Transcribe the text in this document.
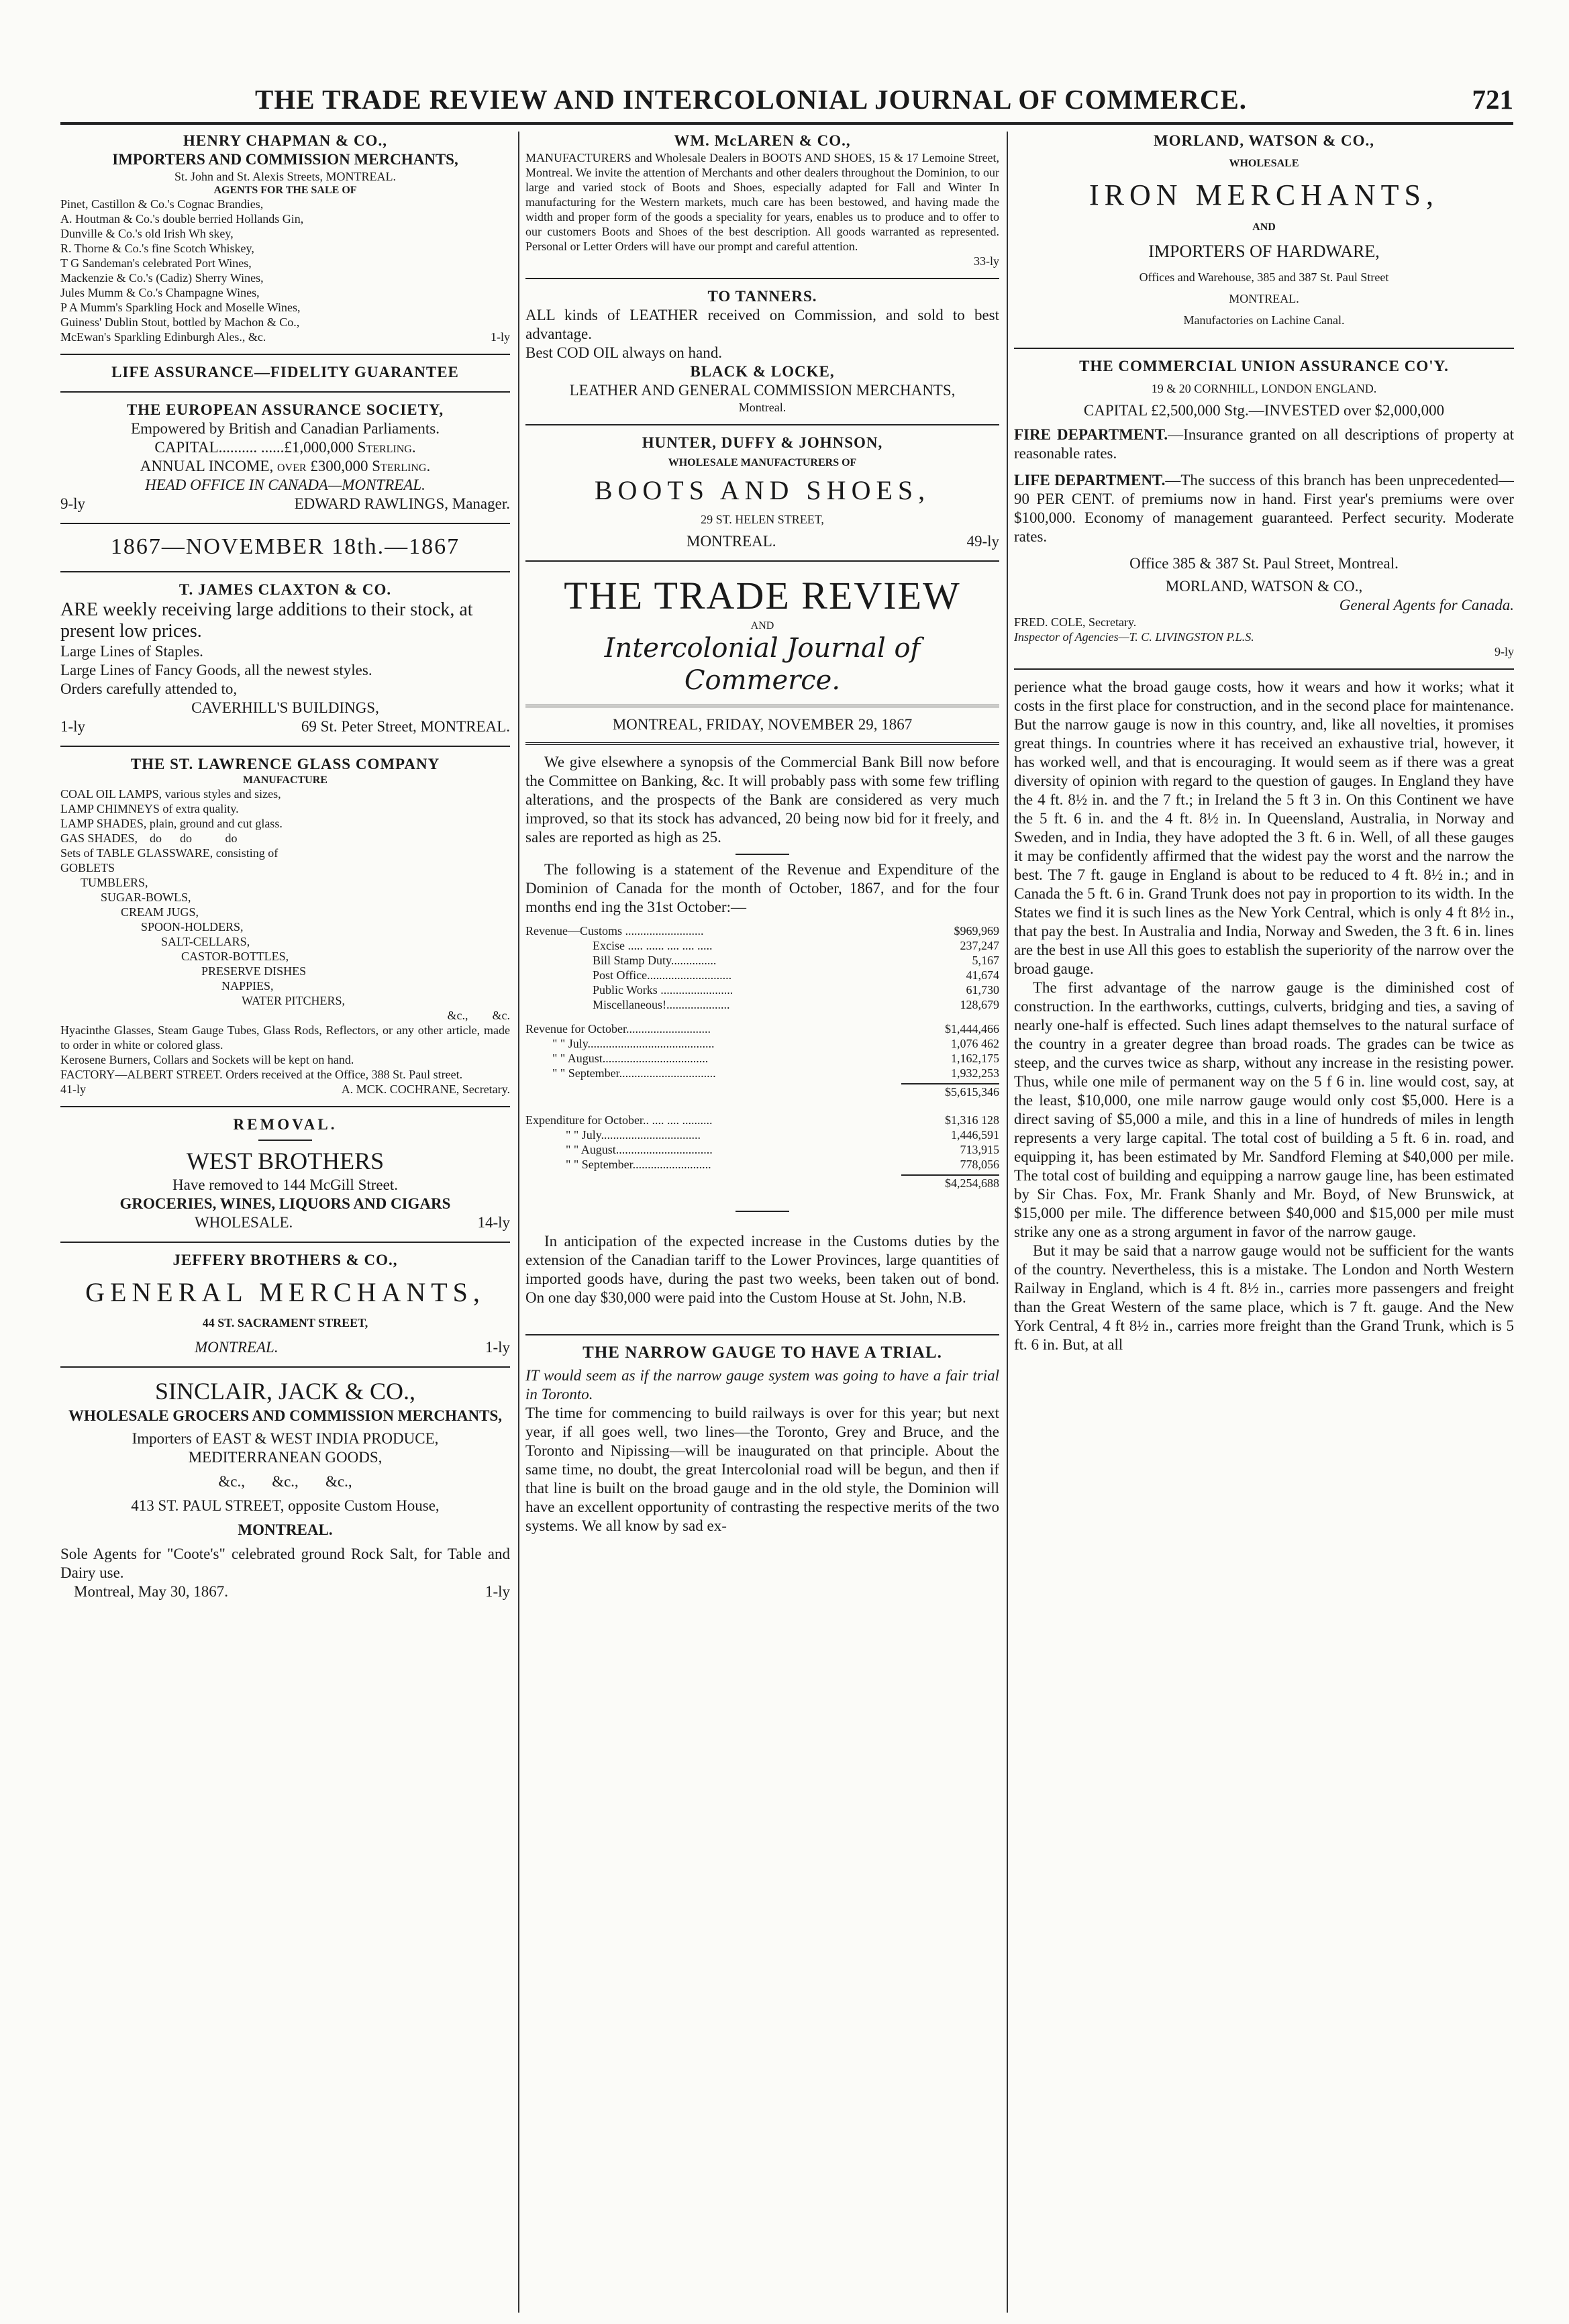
THE TRADE REVIEW AND INTERCOLONIAL JOURNAL OF COMMERCE.	721
HENRY CHAPMAN & CO.,
IMPORTERS AND COMMISSION MERCHANTS,
St. John and St. Alexis Streets, MONTREAL.
AGENTS FOR THE SALE OF
Pinet, Castillon & Co.'s Cognac Brandies,
A. Houtman & Co.'s double berried Hollands Gin,
Dunville & Co.'s old Irish Wh skey,
R. Thorne & Co.'s fine Scotch Whiskey,
T G Sandeman's celebrated Port Wines,
Mackenzie & Co.'s (Cadiz) Sherry Wines,
Jules Mumm & Co.'s Champagne Wines,
P A Mumm's Sparkling Hock and Moselle Wines,
Guiness' Dublin Stout, bottled by Machon & Co.,
McEwan's Sparkling Edinburgh Ales., &c.	1-ly
LIFE ASSURANCE—FIDELITY GUARANTEE
THE EUROPEAN ASSURANCE SOCIETY,
Empowered by British and Canadian Parliaments.
CAPITAL.......... ......£1,000,000 Sterling.
ANNUAL INCOME, over £300,000 Sterling.
HEAD OFFICE IN CANADA—MONTREAL.
9-ly	EDWARD RAWLINGS, Manager.
1867—NOVEMBER 18th.—1867
T. JAMES CLAXTON & CO.
ARE weekly receiving large additions to their stock, at present low prices.
Large Lines of Staples.
Large Lines of Fancy Goods, all the newest styles.
Orders carefully attended to,
CAVERHILL'S BUILDINGS,
1-ly	69 St. Peter Street, MONTREAL.
THE ST. LAWRENCE GLASS COMPANY
MANUFACTURE
COAL OIL LAMPS, various styles and sizes,
LAMP CHIMNEYS of extra quality.
LAMP SHADES, plain, ground and cut glass.
GAS SHADES,    do      do           do
Sets of TABLE GLASSWARE, consisting of
GOBLETS
TUMBLERS,
SUGAR-BOWLS,
CREAM JUGS,
SPOON-HOLDERS,
SALT-CELLARS,
CASTOR-BOTTLES,
PRESERVE DISHES
NAPPIES,
WATER PITCHERS,
&c.,        &c.
Hyacinthe Glasses, Steam Gauge Tubes, Glass Rods, Reflectors, or any other article, made to order in white or colored glass.
Kerosene Burners, Collars and Sockets will be kept on hand.
FACTORY—ALBERT STREET. Orders received at the Office, 388 St. Paul street.
41-ly	A. MCK. COCHRANE, Secretary.
REMOVAL.
WEST BROTHERS
Have removed to 144 McGill Street.
GROCERIES, WINES, LIQUORS AND CIGARS
WHOLESALE.	14-ly
JEFFERY BROTHERS & CO.,
GENERAL MERCHANTS,
44 ST. SACRAMENT STREET,
MONTREAL.	1-ly
SINCLAIR, JACK & CO.,
WHOLESALE GROCERS AND COMMISSION MERCHANTS,
Importers of EAST & WEST INDIA PRODUCE,
MEDITERRANEAN GOODS,
&c.,       &c.,       &c.,
413 ST. PAUL STREET, opposite Custom House,
MONTREAL.
Sole Agents for "Coote's" celebrated ground Rock Salt, for Table and Dairy use.
Montreal, May 30, 1867.	1-ly
WM. McLAREN & CO.,
MANUFACTURERS and Wholesale Dealers in BOOTS AND SHOES, 15 & 17 Lemoine Street, Montreal. We invite the attention of Merchants and other dealers throughout the Dominion, to our large and varied stock of Boots and Shoes, especially adapted for Fall and Winter In manufacturing for the Western markets, much care has been bestowed, and having made the width and proper form of the goods a speciality for years, enables us to produce and to offer to our customers Boots and Shoes of the best description. All goods warranted as represented. Personal or Letter Orders will have our prompt and careful attention.
33-ly
TO TANNERS.
ALL kinds of LEATHER received on Commission, and sold to best advantage.
Best COD OIL always on hand.
BLACK & LOCKE,
LEATHER AND GENERAL COMMISSION MERCHANTS,
Montreal.
HUNTER, DUFFY & JOHNSON,
WHOLESALE MANUFACTURERS OF
BOOTS AND SHOES,
29 ST. HELEN STREET,
MONTREAL.	49-ly
THE TRADE REVIEW
AND
Intercolonial Journal of Commerce.
MONTREAL, FRIDAY, NOVEMBER 29, 1867
We give elsewhere a synopsis of the Commercial Bank Bill now before the Committee on Banking, &c. It will probably pass with some few trifling alterations, and the prospects of the Bank are considered as very much improved, so that its stock has advanced, 20 being now bid for it freely, and sales are reported as high as 25.
The following is a statement of the Revenue and Expenditure of the Dominion of Canada for the month of October, 1867, and for the four months end ing the 31st October:—
Revenue—Customs ..........................	$969,969
Excise ..... ...... .... .... .....	237,247
Bill Stamp Duty...............	5,167
Post Office............................	41,674
Public Works ........................	61,730
Miscellaneous!.....................	128,679
Revenue for October............................	$1,444,466
" " July..........................................	1,076 462
" " August...................................	1,162,175
" " September................................	1,932,253
$5,615,346
Expenditure for October.. .... .... ..........	$1,316 128
" " July.................................	1,446,591
" " August................................	713,915
" " September..........................	778,056
$4,254,688
In anticipation of the expected increase in the Customs duties by the extension of the Canadian tariff to the Lower Provinces, large quantities of imported goods have, during the past two weeks, been taken out of bond. On one day $30,000 were paid into the Custom House at St. John, N.B.
THE NARROW GAUGE TO HAVE A TRIAL.
IT would seem as if the narrow gauge system was going to have a fair trial in Toronto.
The time for commencing to build railways is over for this year; but next year, if all goes well, two lines—the Toronto, Grey and Bruce, and the Toronto and Nipissing—will be inaugurated on that principle. About the same time, no doubt, the great Intercolonial road will be begun, and then if that line is built on the broad gauge and in the old style, the Dominion will have an excellent opportunity of contrasting the respective merits of the two systems. We all know by sad ex-
MORLAND, WATSON & CO.,
WHOLESALE
IRON MERCHANTS,
AND
IMPORTERS OF HARDWARE,
Offices and Warehouse, 385 and 387 St. Paul Street
MONTREAL.
Manufactories on Lachine Canal.
THE COMMERCIAL UNION ASSURANCE CO'Y.
19 & 20 CORNHILL, LONDON ENGLAND.
CAPITAL £2,500,000 Stg.—INVESTED over $2,000,000
FIRE DEPARTMENT.—Insurance granted on all descriptions of property at reasonable rates.
LIFE DEPARTMENT.—The success of this branch has been unprecedented—90 PER CENT. of premiums now in hand. First year's premiums were over $100,000. Economy of management guaranteed. Perfect security. Moderate rates.
Office 385 & 387 St. Paul Street, Montreal.
MORLAND, WATSON & CO.,
General Agents for Canada.
FRED. COLE, Secretary.
Inspector of Agencies—T. C. LIVINGSTON P.L.S.
9-ly
perience what the broad gauge costs, how it wears and how it works; what it costs in the first place for construction, and in the second place for maintenance. But the narrow gauge is now in this country, and, like all novelties, it promises great things. In countries where it has received an exhaustive trial, however, it has worked well, and that is encouraging. It would seem as if there was a great diversity of opinion with regard to the question of gauges. In England they have the 4 ft. 8½ in. and the 7 ft.; in Ireland the 5 ft 3 in. On this Continent we have the 5 ft. 6 in. and the 4 ft. 8½ in. In Queensland, Australia, in Norway and Sweden, and in India, they have adopted the 3 ft. 6 in. Well, of all these gauges it may be confidently affirmed that the widest pay the worst and the narrow the best. The 7 ft. gauge in England is about to be reduced to 4 ft. 8½ in.; and in Canada the 5 ft. 6 in. Grand Trunk does not pay in proportion to its width. In the States we find it is such lines as the New York Central, which is only 4 ft 8½ in., that pay the best. In Australia and India, Norway and Sweden, the 3 ft. 6 in. lines are the best in use All this goes to establish the superiority of the narrow over the broad gauge.
The first advantage of the narrow gauge is the diminished cost of construction. In the earthworks, cuttings, culverts, bridging and ties, a saving of nearly one-half is effected. Such lines adapt themselves to the natural surface of the country in a greater degree than broad roads. The grades can be twice as steep, and the curves twice as sharp, without any increase in the resisting power. Thus, while one mile of permanent way on the 5 f 6 in. line would cost, say, at the least, $10,000, one mile narrow gauge would only cost $5,000. Here is a direct saving of $5,000 a mile, and this in a line of hundreds of miles in length represents a very large capital. The total cost of building a 5 ft. 6 in. road, and equipping it, has been estimated by Mr. Sandford Fleming at $40,000 per mile. The total cost of building and equipping a narrow gauge line, has been estimated by Sir Chas. Fox, Mr. Frank Shanly and Mr. Boyd, of New Brunswick, at $15,000 per mile. The difference between $40,000 and $15,000 per mile must strike any one as a strong argument in favor of the narrow gauge.
But it may be said that a narrow gauge would not be sufficient for the wants of the country. Nevertheless, this is a mistake. The London and North Western Railway in England, which is 4 ft. 8½ in., carries more passengers and freight than the Great Western of the same place, which is 7 ft. gauge. And the New York Central, 4 ft 8½ in., carries more freight than the Grand Trunk, which is 5 ft. 6 in. But, at all
